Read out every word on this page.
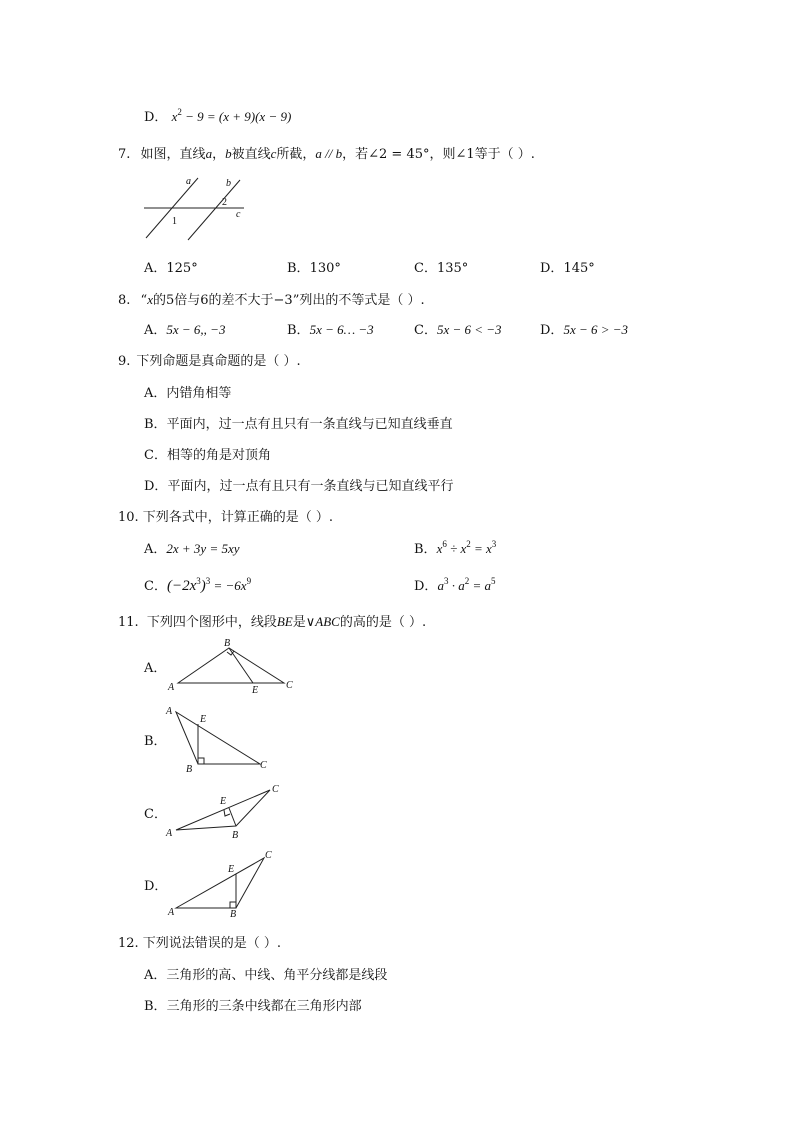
D． $x^2 - 9 = (x + 9)(x - 9)$
7. 如图，直线a，b被直线c所截，a // b，若∠2 = 45°，则∠1等于（ ）.
a	b
c
1
2
A．125°	B．130°	C．135°	D．145°
8. “x的5倍与6的差不大于−3”列出的不等式是（ ）.
A．5x − 6,, −3	B．5x − 6… −3	C．5x − 6 < −3	D．5x − 6 > −3
9. 下列命题是真命题的是（ ）.
A．内错角相等
B．平面内，过一点有且只有一条直线与已知直线垂直
C．相等的角是对顶角
D．平面内，过一点有且只有一条直线与已知直线平行
10. 下列各式中，计算正确的是（ ）.
A．2x + 3y = 5xy	B．$x^6 \div x^2 = x^3$
C．$(-2x^3)^3 = -6x^9$	D．$a^3 \cdot a^2 = a^5$
11. 下列四个图形中，线段BE是∨ABC的高的是（ ）.
A．
A
B
C
E
B．
A
E
B	C
C．
A
E
B
C
D．
A
E
B
C
12. 下列说法错误的是（ ）.
A．三角形的高、中线、角平分线都是线段
B．三角形的三条中线都在三角形内部
